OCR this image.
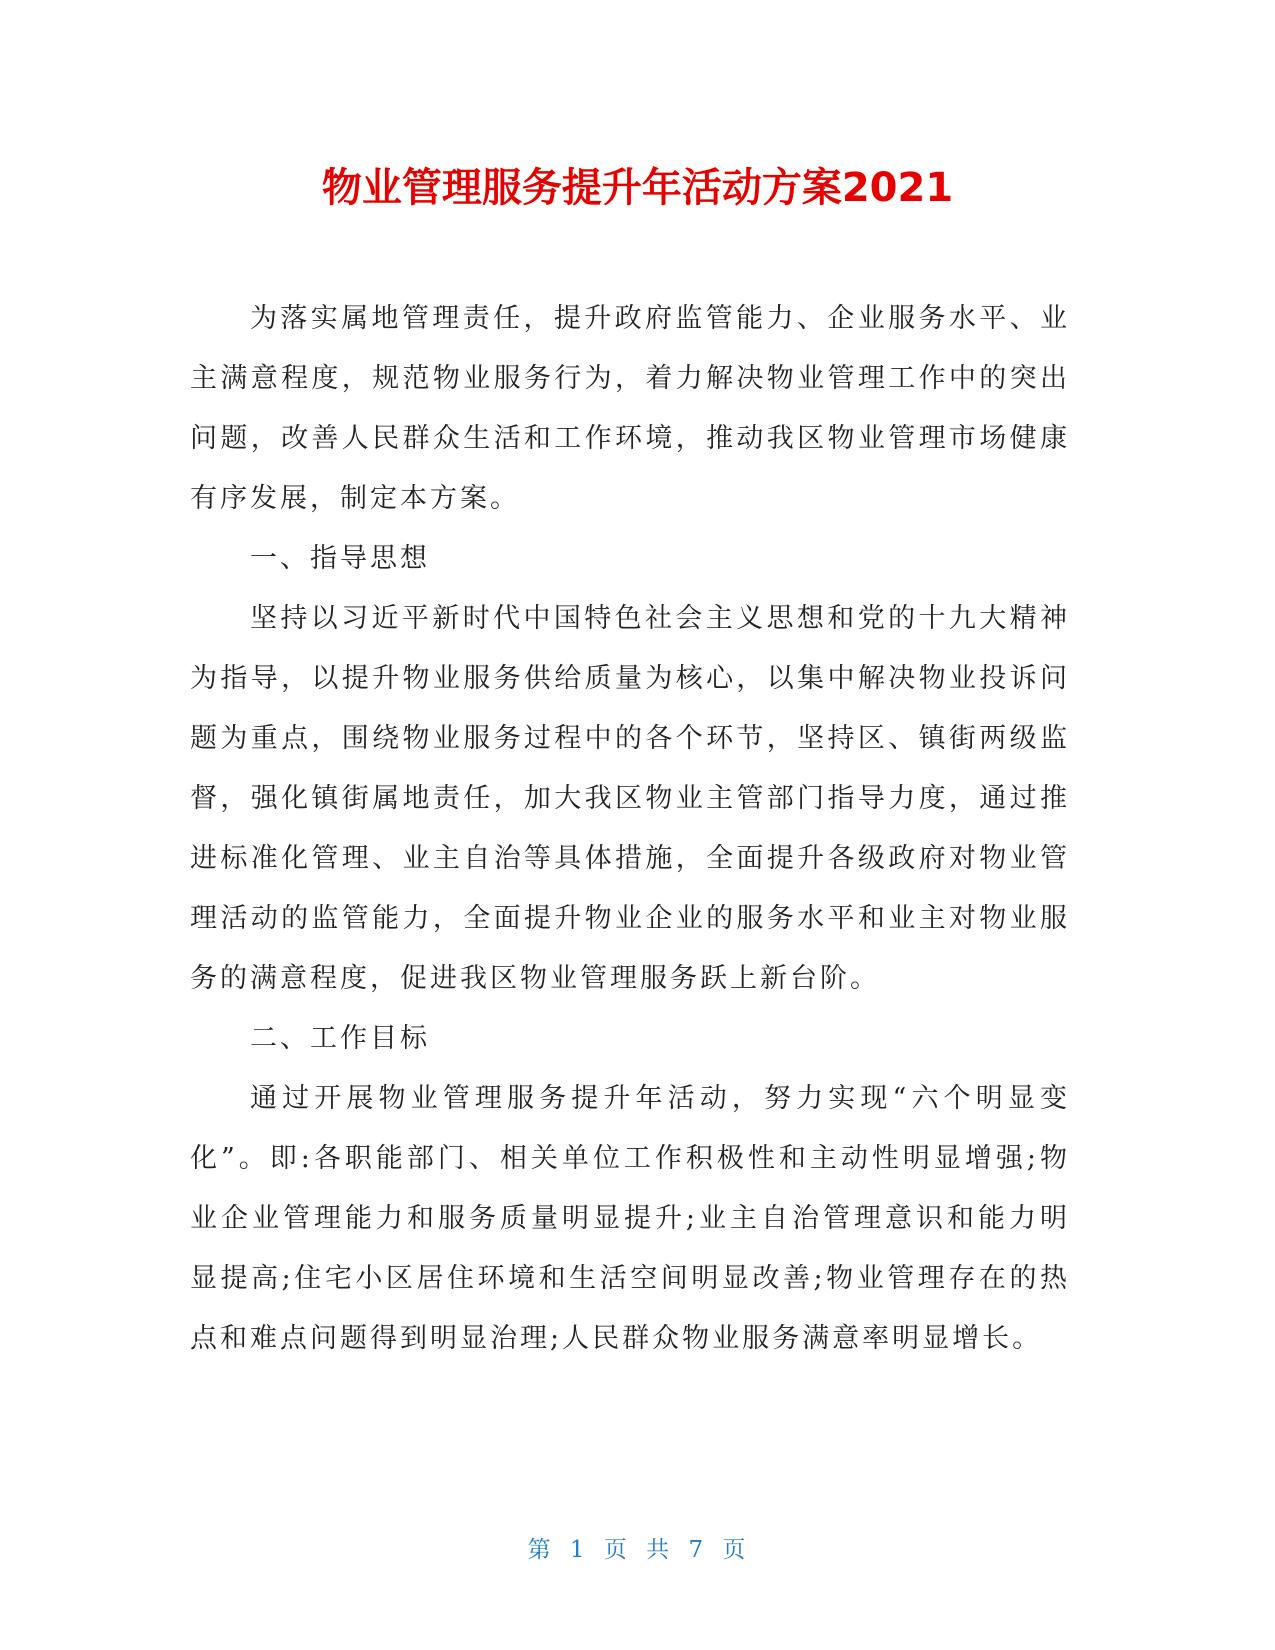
物业管理服务提升年活动方案2021

为落实属地管理责任，提升政府监管能力、企业服务水平、业主满意程度，规范物业服务行为，着力解决物业管理工作中的突出问题，改善人民群众生活和工作环境，推动我区物业管理市场健康有序发展，制定本方案。

一、指导思想

坚持以习近平新时代中国特色社会主义思想和党的十九大精神为指导，以提升物业服务供给质量为核心，以集中解决物业投诉问题为重点，围绕物业服务过程中的各个环节，坚持区、镇街两级监督，强化镇街属地责任，加大我区物业主管部门指导力度，通过推进标准化管理、业主自治等具体措施，全面提升各级政府对物业管理活动的监管能力，全面提升物业企业的服务水平和业主对物业服务的满意程度，促进我区物业管理服务跃上新台阶。

二、工作目标

通过开展物业管理服务提升年活动，努力实现“六个明显变化”。即:各职能部门、相关单位工作积极性和主动性明显增强;物业企业管理能力和服务质量明显提升;业主自治管理意识和能力明显提高;住宅小区居住环境和生活空间明显改善;物业管理存在的热点和难点问题得到明显治理;人民群众物业服务满意率明显增长。

第 1 页 共 7 页
